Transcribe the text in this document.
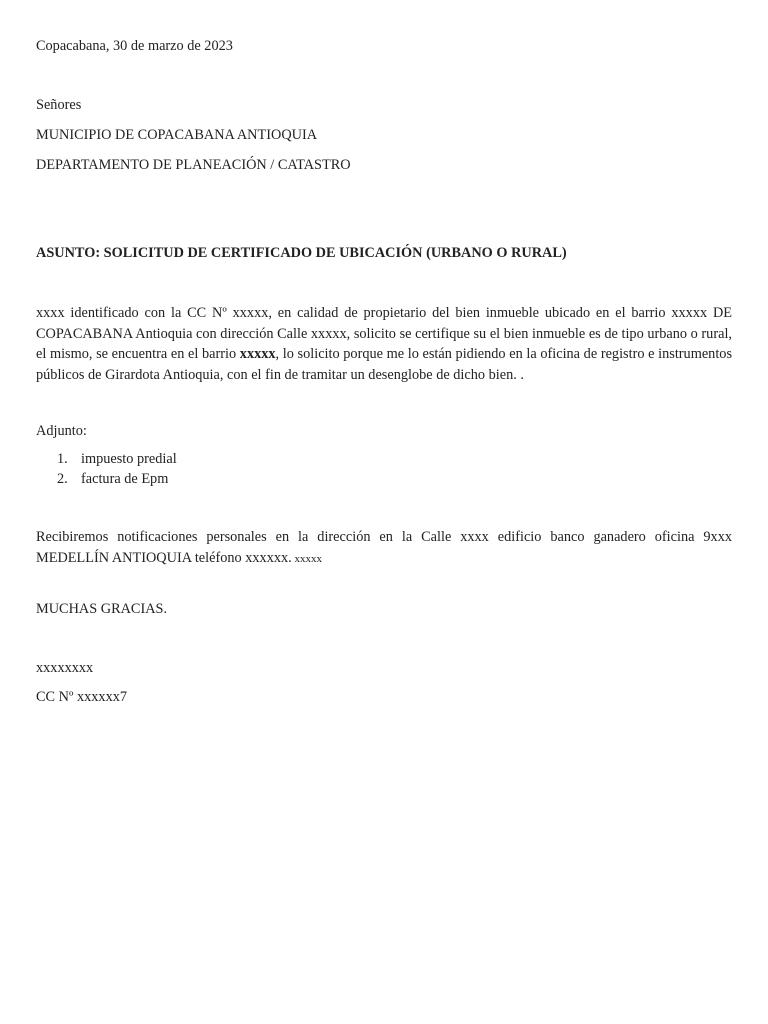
Copacabana, 30 de marzo de 2023
Señores
MUNICIPIO DE COPACABANA ANTIOQUIA
DEPARTAMENTO DE PLANEACIÓN / CATASTRO
ASUNTO: SOLICITUD DE CERTIFICADO DE UBICACIÓN (URBANO O RURAL)
xxxx identificado con la CC Nº xxxxx, en calidad de propietario del bien inmueble ubicado en el barrio xxxxx DE COPACABANA Antioquia con dirección Calle xxxxx, solicito se certifique su el bien inmueble es de tipo urbano o rural, el mismo, se encuentra en el barrio xxxxx, lo solicito porque me lo están pidiendo en la oficina de registro e instrumentos públicos de Girardota Antioquia, con el fin de tramitar un desenglobe de dicho bien. .
Adjunto:
1. impuesto predial
2. factura de Epm
Recibiremos notificaciones personales en la dirección en la Calle xxxx edificio banco ganadero oficina 9xxx MEDELLÍN ANTIOQUIA teléfono xxxxxx. xxxxx
MUCHAS GRACIAS.
xxxxxxxx
CC Nº xxxxxx7
